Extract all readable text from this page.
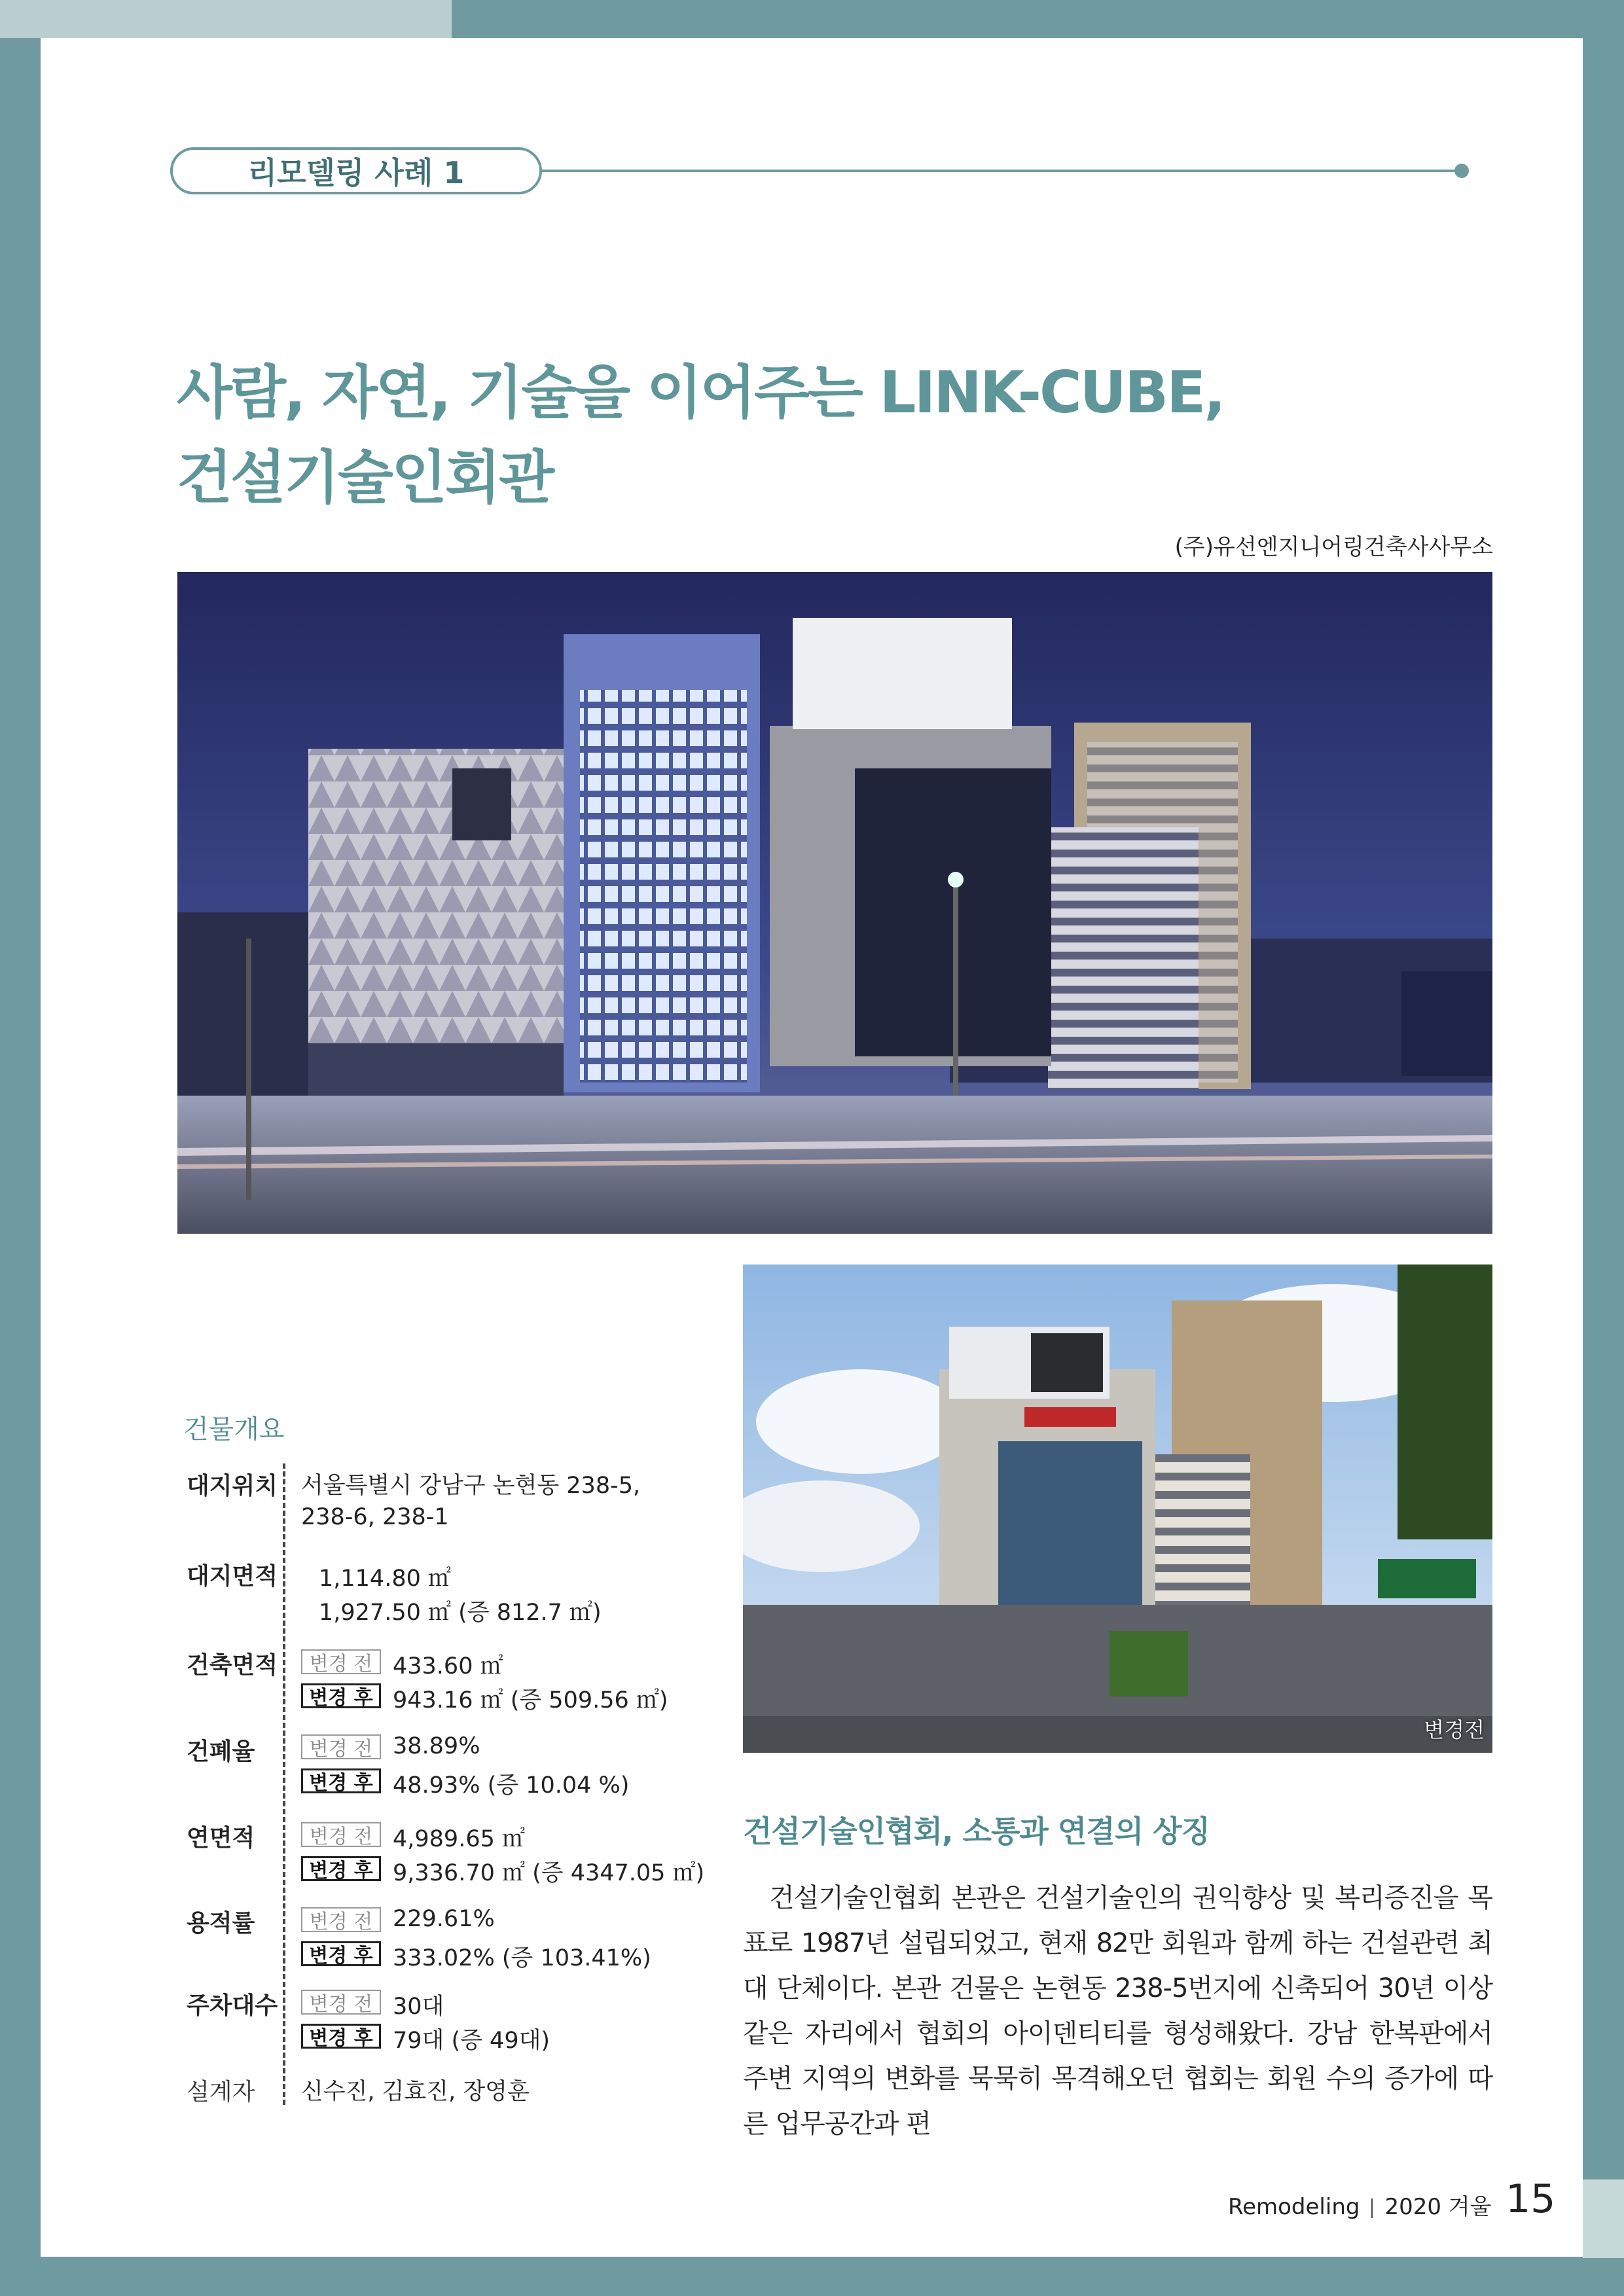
리모델링 사례 1
사람, 자연, 기술을 이어주는 LINK-CUBE,
건설기술인회관
(주)유선엔지니어링건축사사무소
변경전
건물개요
대지위치 서울특별시 강남구 논현동 238-5,
238-6, 238-1
대지면적 1,114.80 ㎡
1,927.50 ㎡ (증 812.7 ㎡)
건축면적	변경 전 433.60 ㎡
변경 후 943.16 ㎡ (증 509.56 ㎡)
건폐율	변경 전 38.89%
변경 후 48.93% (증 10.04 %)
연면적	변경 전 4,989.65 ㎡
변경 후 9,336.70 ㎡ (증 4347.05 ㎡)
용적률	변경 전 229.61%
변경 후 333.02% (증 103.41%)
주차대수	변경 전 30대
변경 후 79대 (증 49대)
설계자 신수진, 김효진, 장영훈
건설기술인협회, 소통과 연결의 상징

건설기술인협회 본관은 건설기술인의 권익향상 및 복리증진을 목표로 1987년 설립되었고, 현재 82만 회원과 함께 하는 건설관련 최대 단체이다. 본관 건물은 논현동 238-5번지에 신축되어 30년 이상 같은 자리에서 협회의 아이덴티티를 형성해왔다. 강남 한복판에서 주변 지역의 변화를 묵묵히 목격해오던 협회는 회원 수의 증가에 따른 업무공간과 편

Remodeling 2020 겨울 15
